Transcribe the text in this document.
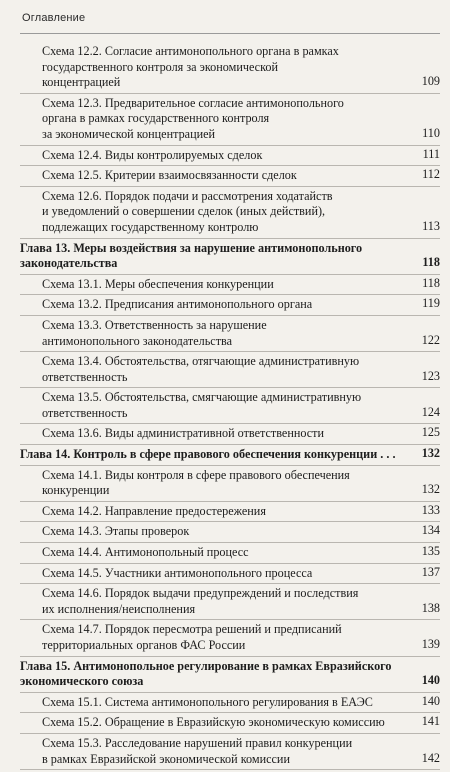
Оглавление
Схема 12.2. Согласие антимонопольного органа в рамках
государственного контроля за экономической
концентрацией	109
Схема 12.3. Предварительное согласие антимонопольного
органа в рамках государственного контроля
за экономической концентрацией	110
Схема 12.4. Виды контролируемых сделок	111
Схема 12.5. Критерии взаимосвязанности сделок	112
Схема 12.6. Порядок подачи и рассмотрения ходатайств
и уведомлений о совершении сделок (иных действий),
подлежащих государственному контролю	113
Глава 13. Меры воздействия за нарушение антимонопольного
законодательства	118
Схема 13.1. Меры обеспечения конкуренции	118
Схема 13.2. Предписания антимонопольного органа	119
Схема 13.3. Ответственность за нарушение
антимонопольного законодательства	122
Схема 13.4. Обстоятельства, отягчающие административную
ответственность	123
Схема 13.5. Обстоятельства, смягчающие административную
ответственность	124
Схема 13.6. Виды административной ответственности	125
Глава 14. Контроль в сфере правового обеспечения конкуренции . . .	132
Схема 14.1. Виды контроля в сфере правового обеспечения
конкуренции	132
Схема 14.2. Направление предостережения	133
Схема 14.3. Этапы проверок	134
Схема 14.4. Антимонопольный процесс	135
Схема 14.5. Участники антимонопольного процесса	137
Схема 14.6. Порядок выдачи предупреждений и последствия
их исполнения/неисполнения	138
Схема 14.7. Порядок пересмотра решений и предписаний
территориальных органов ФАС России	139
Глава 15. Антимонопольное регулирование в рамках Евразийского
экономического союза	140
Схема 15.1. Система антимонопольного регулирования в ЕАЭС	140
Схема 15.2. Обращение в Евразийскую экономическую комиссию	141
Схема 15.3. Расследование нарушений правил конкуренции
в рамках Евразийской экономической комиссии	142
